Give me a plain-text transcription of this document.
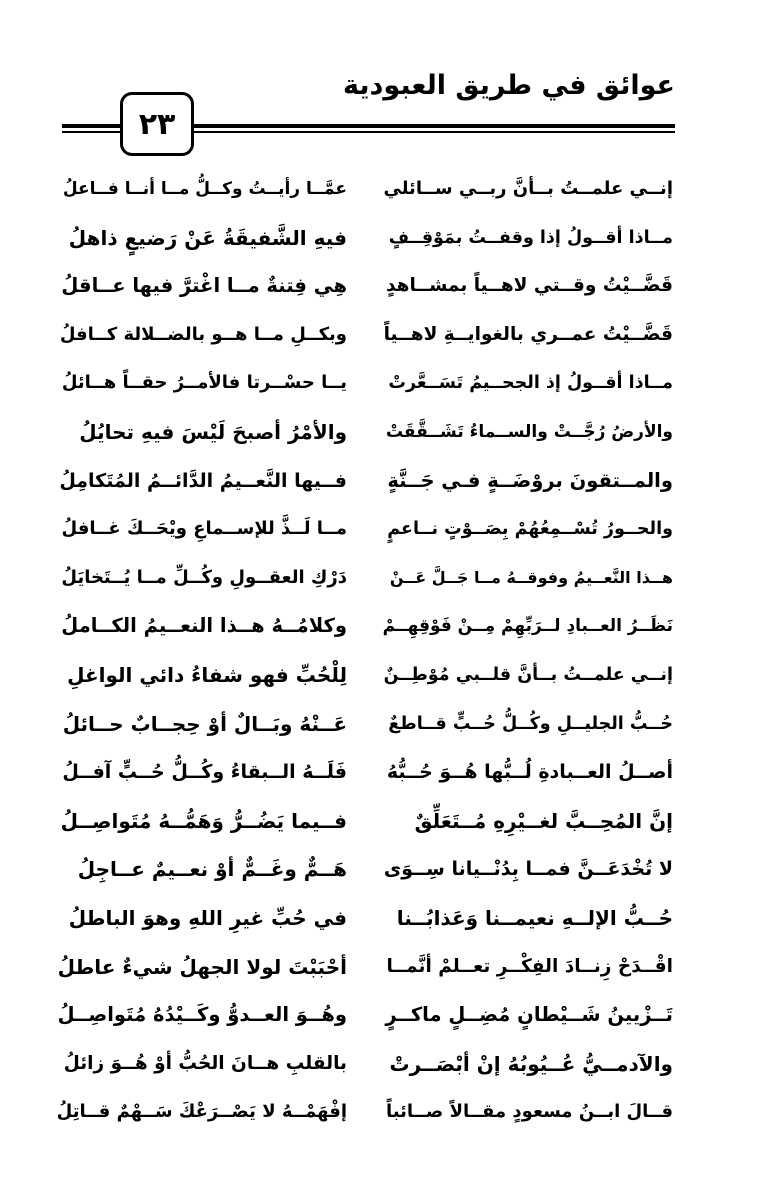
عوائق في طريق العبودية
٢٣
إنــي علمــتُ بــأنَّ ربــي ســائلي
عمَّــا رأيــتُ وكــلُّ مــا أنــا فــاعلُ
مــاذا أقــولُ إذا وقفــتُ بمَوْقِــفٍ
فيهِ الشَّفيقَةُ عَنْ رَضيعٍ ذاهلُ
قَضَّــيْتُ وقــتي لاهــياً بمشــاهدٍ
هِي فِتنةٌ مــا اغْترَّ فيها عــاقلُ
قَضَّــيْتُ عمــري بالغوايــةِ لاهــياً
وبكــلِ مــا هــو بالضــلالة كــافلُ
مــاذا أقــولُ إذ الجحــيمُ تَسَــعَّرتْ
يــا حسْــرتا فالأمــرُ حقــاً هــائلُ
والأرضُ رُجَّــتْ والســماءُ تَشَــقَّقَتْ
والأمْرُ أصبحَ لَيْسَ فيهِ تحايُلُ
والمــتقونَ بروْضَــةٍ فـي جَــنَّةٍ
فــيها النَّعــيمُ الدَّائــمُ المُتَكامِلُ
والحــورُ تُسْــمِعُهُمْ بِصَــوْتٍ نــاعمٍ
مــا لَــذَّ للإســماعِ ويْحَــكَ غــافلُ
هــذا النَّعــيمُ وفوقــهُ مــا جَــلَّ عَــنْ
دَرْكِ العقــولِ وكُــلِّ مــا يُــتَخايَلُ
نَظَــرُ العــبادِ لــرَبِّهِمْ مِــنْ فَوْقِهِــمْ
وكلامُــهُ هــذا النعــيمُ الكــاملُ
إنــي علمــتُ بــأنَّ قلــبي مُوْطِــنٌ
لِلْحُبِّ فهو شفاءُ دائي الواغلِ
حُــبُّ الجليــلِ وكُــلُّ حُــبٍّ قــاطعٌ
عَــنْهُ وبَــالٌ أوْ حِجــابٌ حــائلُ
أصــلُ العــبادةِ لُــبُّها هُــوَ حُــبُّهُ
فَلَــهُ الــبقاءُ وكُــلُّ حُــبٍّ آفــلُ
إنَّ المُحِــبَّ لغــيْرِهِ مُــتَعَلِّقٌ
فــيما يَضُــرُّ وَهَمُّــهُ مُتَواصِــلُ
لا تُخْدَعَــنَّ فمــا بِدُنْــيانا سِــوَى
هَــمٌّ وغَــمٌّ أوْ نعــيمٌ عــاجِلُ
حُــبُّ الإلــهِ نعيمــنا وَعَذابُــنا
في حُبِّ غيرِ اللهِ وهوَ الباطلُ
اقْــدَحْ زِنــادَ الفِكْــرِ تعــلمْ أنَّمــا
أحْبَبْتَ لولا الجهلُ شيءٌ عاطلُ
تَــزْيينُ شَــيْطانٍ مُضِــلٍ ماكــرٍ
وهُــوَ العــدوُّ وكَــيْدُهُ مُتَواصِــلُ
والآدمــيُّ عُــيُوبُهُ إنْ أبْصَــرتْ
بالقلبِ هــانَ الحُبُّ أوْ هُــوَ زائلُ
قــالَ ابــنُ مسعودٍ مقــالاً صــائباً
إفْهَمْــهُ لا يَصْــرَعْكَ سَــهْمٌ قــاتِلُ
